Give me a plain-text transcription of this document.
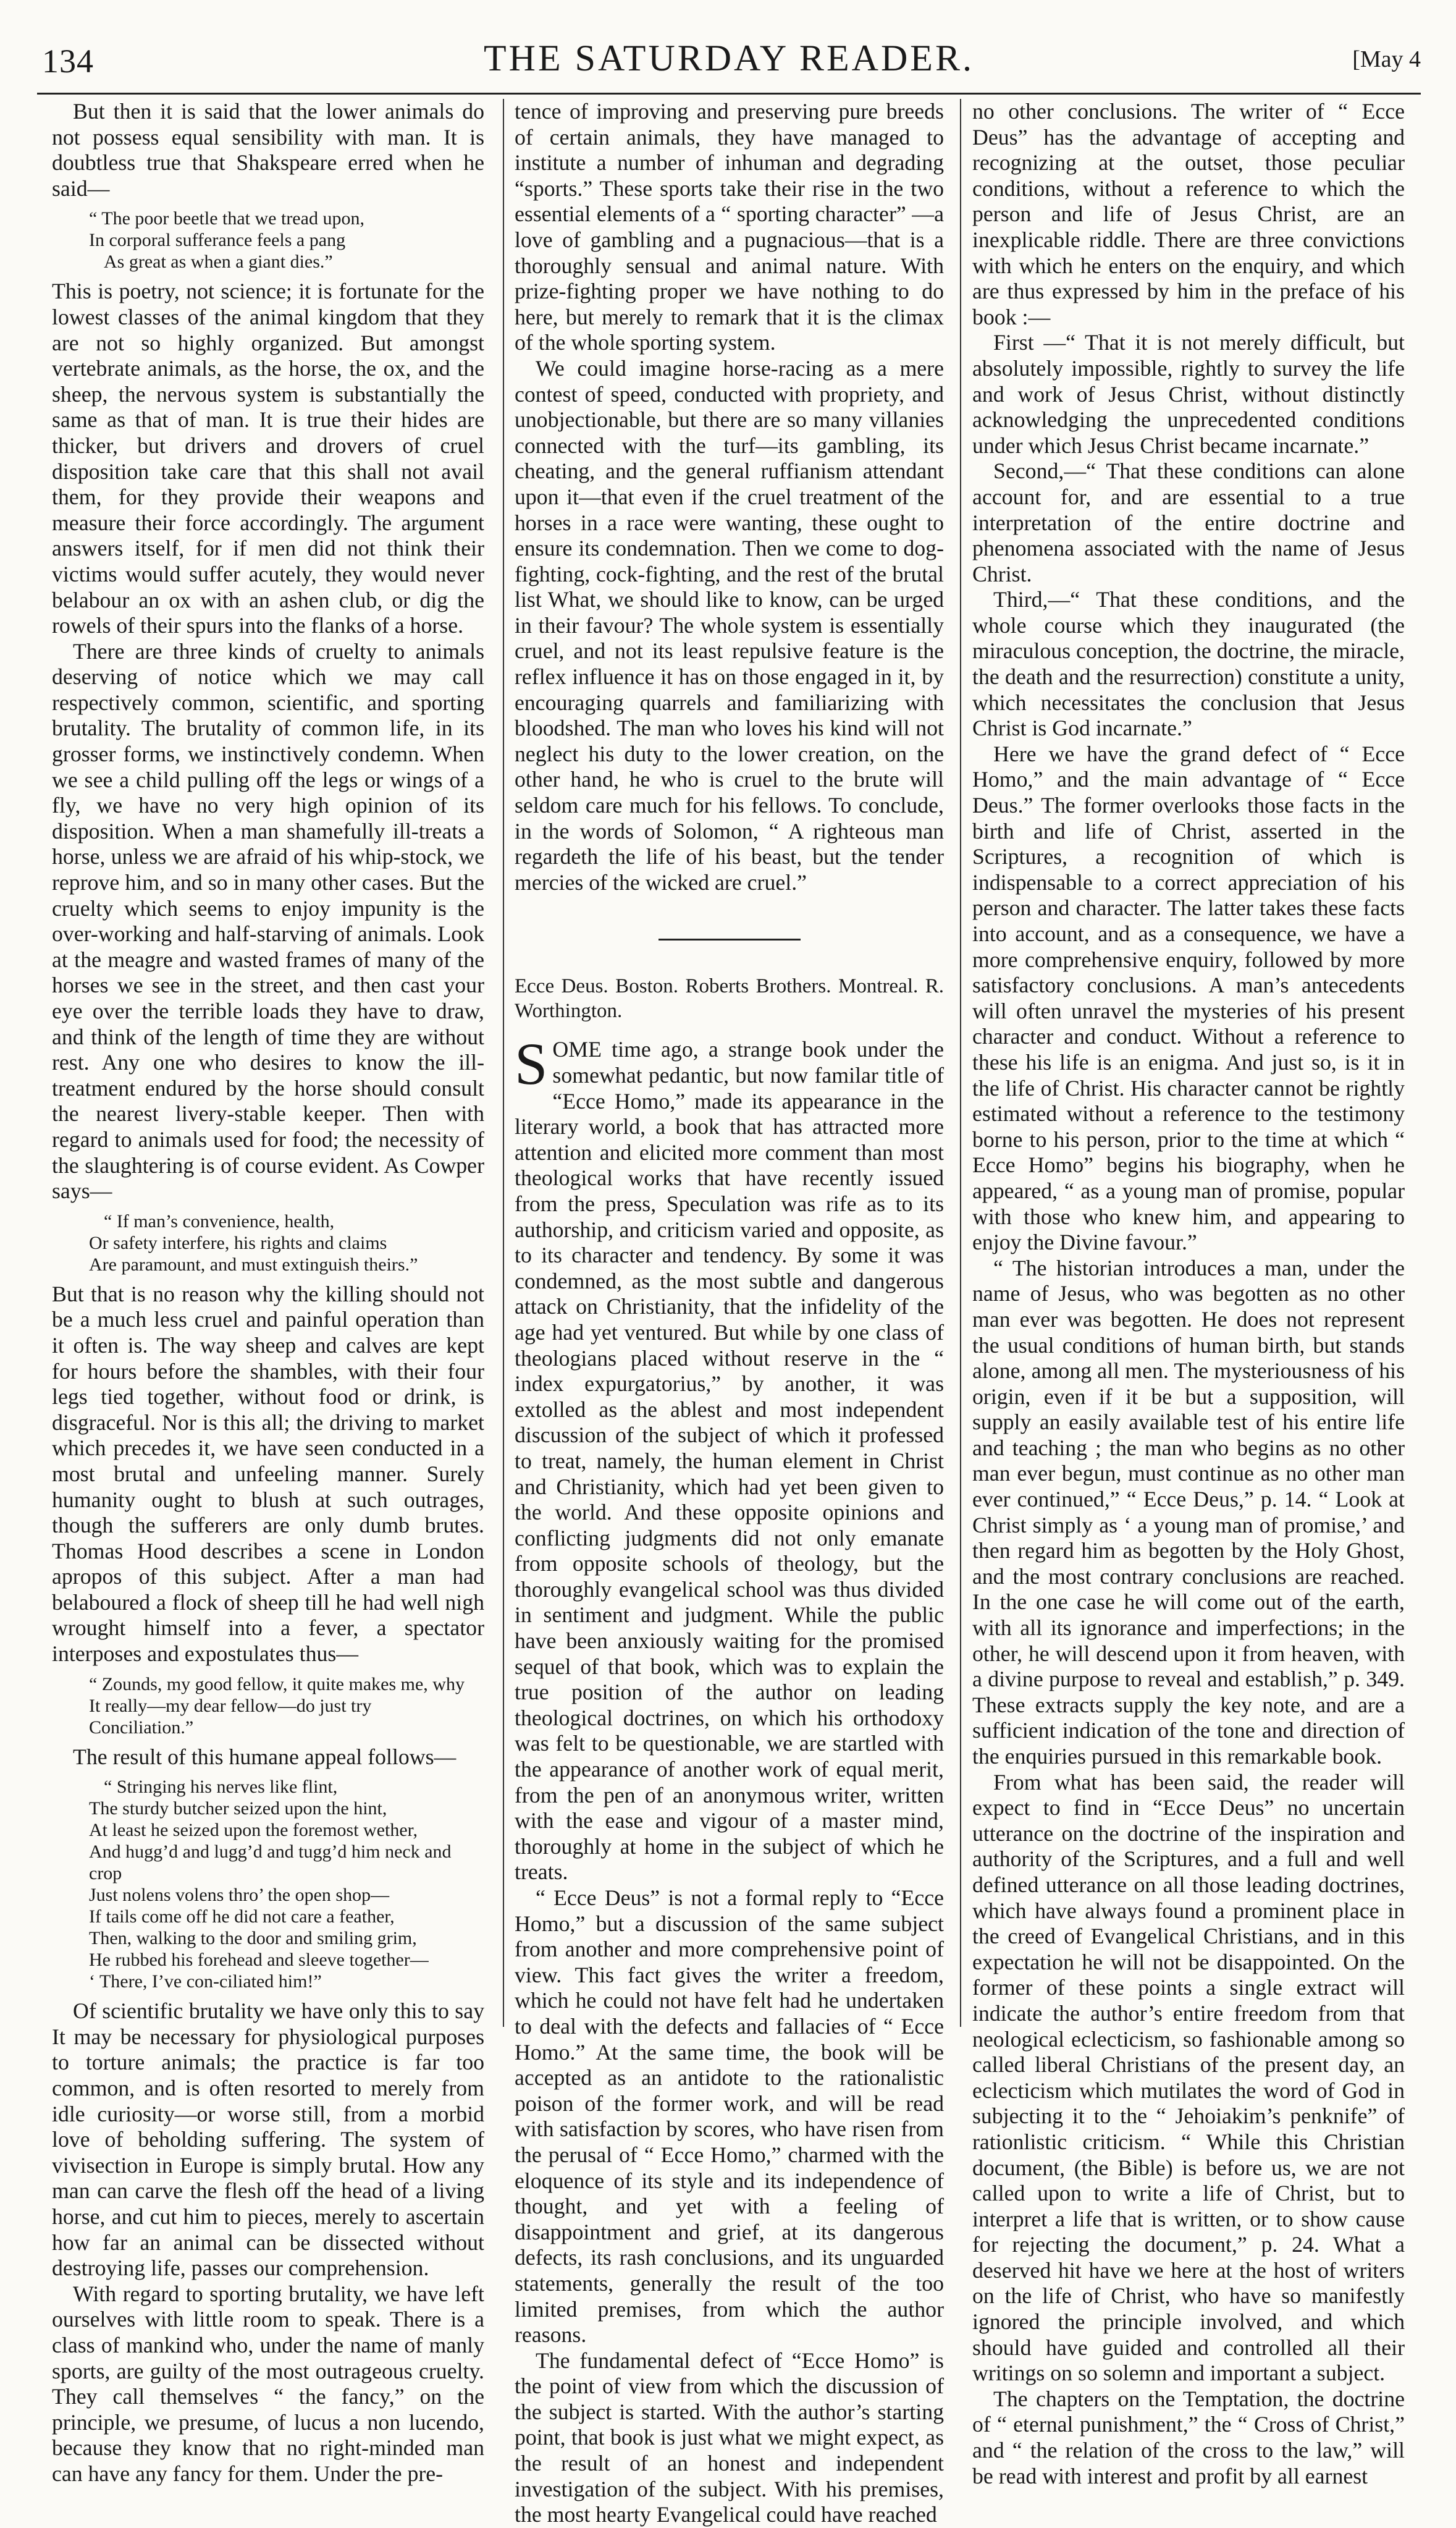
134	THE SATURDAY READER.	[May 4

But then it is said that the lower animals do not possess equal sensibility with man. It is doubtless true that Shakspeare erred when he said—

“ The poor beetle that we tread upon,
In corporal sufferance feels a pang
As great as when a giant dies.”

This is poetry, not science; it is fortunate for the lowest classes of the animal kingdom that they are not so highly organized. But amongst vertebrate animals, as the horse, the ox, and the sheep, the nervous system is substantially the same as that of man. It is true their hides are thicker, but drivers and drovers of cruel disposition take care that this shall not avail them, for they provide their weapons and measure their force accordingly. The argument answers itself, for if men did not think their victims would suffer acutely, they would never belabour an ox with an ashen club, or dig the rowels of their spurs into the flanks of a horse.

There are three kinds of cruelty to animals deserving of notice which we may call respectively common, scientific, and sporting brutality. The brutality of common life, in its grosser forms, we instinctively condemn. When we see a child pulling off the legs or wings of a fly, we have no very high opinion of its disposition. When a man shamefully ill-treats a horse, unless we are afraid of his whip-stock, we reprove him, and so in many other cases. But the cruelty which seems to enjoy impunity is the over-working and half-starving of animals. Look at the meagre and wasted frames of many of the horses we see in the street, and then cast your eye over the terrible loads they have to draw, and think of the length of time they are without rest. Any one who desires to know the ill-treatment endured by the horse should consult the nearest livery-stable keeper. Then with regard to animals used for food; the necessity of the slaughtering is of course evident. As Cowper says—

“ If man’s convenience, health,
Or safety interfere, his rights and claims
Are paramount, and must extinguish theirs.”

But that is no reason why the killing should not be a much less cruel and painful operation than it often is. The way sheep and calves are kept for hours before the shambles, with their four legs tied together, without food or drink, is disgraceful. Nor is this all; the driving to market which precedes it, we have seen conducted in a most brutal and unfeeling manner. Surely humanity ought to blush at such outrages, though the sufferers are only dumb brutes. Thomas Hood describes a scene in London apropos of this subject. After a man had belaboured a flock of sheep till he had well nigh wrought himself into a fever, a spectator interposes and expostulates thus—

“ Zounds, my good fellow, it quite makes me, why
It really—my dear fellow—do just try
Conciliation.”

The result of this humane appeal follows—

“ Stringing his nerves like flint,
The sturdy butcher seized upon the hint,
At least he seized upon the foremost wether,
And hugg’d and lugg’d and tugg’d him neck and crop
Just nolens volens thro’ the open shop—
If tails come off he did not care a feather,
Then, walking to the door and smiling grim,
He rubbed his forehead and sleeve together—
‘ There, I’ve con-ciliated him!”

Of scientific brutality we have only this to say It may be necessary for physiological purposes to torture animals; the practice is far too common, and is often resorted to merely from idle curiosity—or worse still, from a morbid love of beholding suffering. The system of vivisection in Europe is simply brutal. How any man can carve the flesh off the head of a living horse, and cut him to pieces, merely to ascertain how far an animal can be dissected without destroying life, passes our comprehension.

With regard to sporting brutality, we have left ourselves with little room to speak. There is a class of mankind who, under the name of manly sports, are guilty of the most outrageous cruelty. They call themselves “ the fancy,” on the principle, we presume, of lucus a non lucendo, because they know that no right-minded man can have any fancy for them. Under the pre-

tence of improving and preserving pure breeds of certain animals, they have managed to institute a number of inhuman and degrading “sports.” These sports take their rise in the two essential elements of a “ sporting character” —a love of gambling and a pugnacious—that is a thoroughly sensual and animal nature. With prize-fighting proper we have nothing to do here, but merely to remark that it is the climax of the whole sporting system.

We could imagine horse-racing as a mere contest of speed, conducted with propriety, and unobjectionable, but there are so many villanies connected with the turf—its gambling, its cheating, and the general ruffianism attendant upon it—that even if the cruel treatment of the horses in a race were wanting, these ought to ensure its condemnation. Then we come to dog-fighting, cock-fighting, and the rest of the brutal list What, we should like to know, can be urged in their favour? The whole system is essentially cruel, and not its least repulsive feature is the reflex influence it has on those engaged in it, by encouraging quarrels and familiarizing with bloodshed. The man who loves his kind will not neglect his duty to the lower creation, on the other hand, he who is cruel to the brute will seldom care much for his fellows. To conclude, in the words of Solomon, “ A righteous man regardeth the life of his beast, but the tender mercies of the wicked are cruel.”

Ecce Deus. Boston. Roberts Brothers. Montreal. R. Worthington.

SOME time ago, a strange book under the somewhat pedantic, but now familar title of “Ecce Homo,” made its appearance in the literary world, a book that has attracted more attention and elicited more comment than most theological works that have recently issued from the press, Speculation was rife as to its authorship, and criticism varied and opposite, as to its character and tendency. By some it was condemned, as the most subtle and dangerous attack on Christianity, that the infidelity of the age had yet ventured. But while by one class of theologians placed without reserve in the “ index expurgatorius,” by another, it was extolled as the ablest and most independent discussion of the subject of which it professed to treat, namely, the human element in Christ and Christianity, which had yet been given to the world. And these opposite opinions and conflicting judgments did not only emanate from opposite schools of theology, but the thoroughly evangelical school was thus divided in sentiment and judgment. While the public have been anxiously waiting for the promised sequel of that book, which was to explain the true position of the author on leading theological doctrines, on which his orthodoxy was felt to be questionable, we are startled with the appearance of another work of equal merit, from the pen of an anonymous writer, written with the ease and vigour of a master mind, thoroughly at home in the subject of which he treats.

“ Ecce Deus” is not a formal reply to “Ecce Homo,” but a discussion of the same subject from another and more comprehensive point of view. This fact gives the writer a freedom, which he could not have felt had he undertaken to deal with the defects and fallacies of “ Ecce Homo.” At the same time, the book will be accepted as an antidote to the rationalistic poison of the former work, and will be read with satisfaction by scores, who have risen from the perusal of “ Ecce Homo,” charmed with the eloquence of its style and its independence of thought, and yet with a feeling of disappointment and grief, at its dangerous defects, its rash conclusions, and its unguarded statements, generally the result of the too limited premises, from which the author reasons.

The fundamental defect of “Ecce Homo” is the point of view from which the discussion of the subject is started. With the author’s starting point, that book is just what we might expect, as the result of an honest and independent investigation of the subject. With his premises, the most hearty Evangelical could have reached

no other conclusions. The writer of “ Ecce Deus” has the advantage of accepting and recognizing at the outset, those peculiar conditions, without a reference to which the person and life of Jesus Christ, are an inexplicable riddle. There are three convictions with which he enters on the enquiry, and which are thus expressed by him in the preface of his book :—

First —“ That it is not merely difficult, but absolutely impossible, rightly to survey the life and work of Jesus Christ, without distinctly acknowledging the unprecedented conditions under which Jesus Christ became incarnate.”

Second,—“ That these conditions can alone account for, and are essential to a true interpretation of the entire doctrine and phenomena associated with the name of Jesus Christ.

Third,—“ That these conditions, and the whole course which they inaugurated (the miraculous conception, the doctrine, the miracle, the death and the resurrection) constitute a unity, which necessitates the conclusion that Jesus Christ is God incarnate.”

Here we have the grand defect of “ Ecce Homo,” and the main advantage of “ Ecce Deus.” The former overlooks those facts in the birth and life of Christ, asserted in the Scriptures, a recognition of which is indispensable to a correct appreciation of his person and character. The latter takes these facts into account, and as a consequence, we have a more comprehensive enquiry, followed by more satisfactory conclusions. A man’s antecedents will often unravel the mysteries of his present character and conduct. Without a reference to these his life is an enigma. And just so, is it in the life of Christ. His character cannot be rightly estimated without a reference to the testimony borne to his person, prior to the time at which “ Ecce Homo” begins his biography, when he appeared, “ as a young man of promise, popular with those who knew him, and appearing to enjoy the Divine favour.”

“ The historian introduces a man, under the name of Jesus, who was begotten as no other man ever was begotten. He does not represent the usual conditions of human birth, but stands alone, among all men. The mysteriousness of his origin, even if it be but a supposition, will supply an easily available test of his entire life and teaching ; the man who begins as no other man ever begun, must continue as no other man ever continued,” “ Ecce Deus,” p. 14. “ Look at Christ simply as ‘ a young man of promise,’ and then regard him as begotten by the Holy Ghost, and the most contrary conclusions are reached. In the one case he will come out of the earth, with all its ignorance and imperfections; in the other, he will descend upon it from heaven, with a divine purpose to reveal and establish,” p. 349. These extracts supply the key note, and are a sufficient indication of the tone and direction of the enquiries pursued in this remarkable book.

From what has been said, the reader will expect to find in “Ecce Deus” no uncertain utterance on the doctrine of the inspiration and authority of the Scriptures, and a full and well defined utterance on all those leading doctrines, which have always found a prominent place in the creed of Evangelical Christians, and in this expectation he will not be disappointed. On the former of these points a single extract will indicate the author’s entire freedom from that neological eclecticism, so fashionable among so called liberal Christians of the present day, an eclecticism which mutilates the word of God in subjecting it to the “ Jehoiakim’s penknife” of rationlistic criticism. “ While this Christian document, (the Bible) is before us, we are not called upon to write a life of Christ, but to interpret a life that is written, or to show cause for rejecting the document,” p. 24. What a deserved hit have we here at the host of writers on the life of Christ, who have so manifestly ignored the principle involved, and which should have guided and controlled all their writings on so solemn and important a subject.

The chapters on the Temptation, the doctrine of “ eternal punishment,” the “ Cross of Christ,” and “ the relation of the cross to the law,” will be read with interest and profit by all earnest
